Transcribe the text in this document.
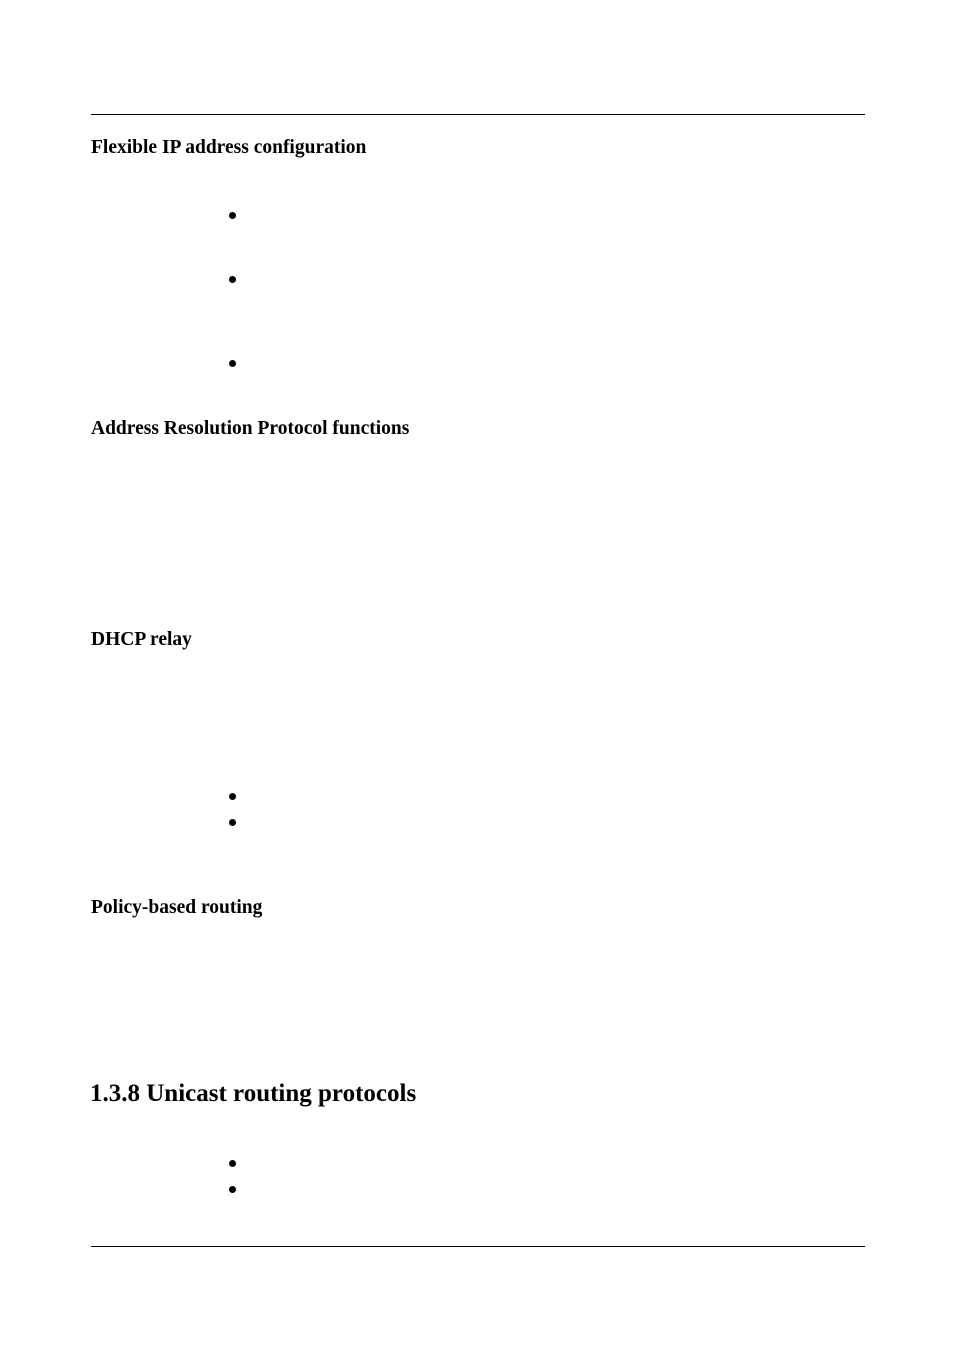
Flexible IP address configuration
Address Resolution Protocol functions
DHCP relay
Policy-based routing
1.3.8 Unicast routing protocols
